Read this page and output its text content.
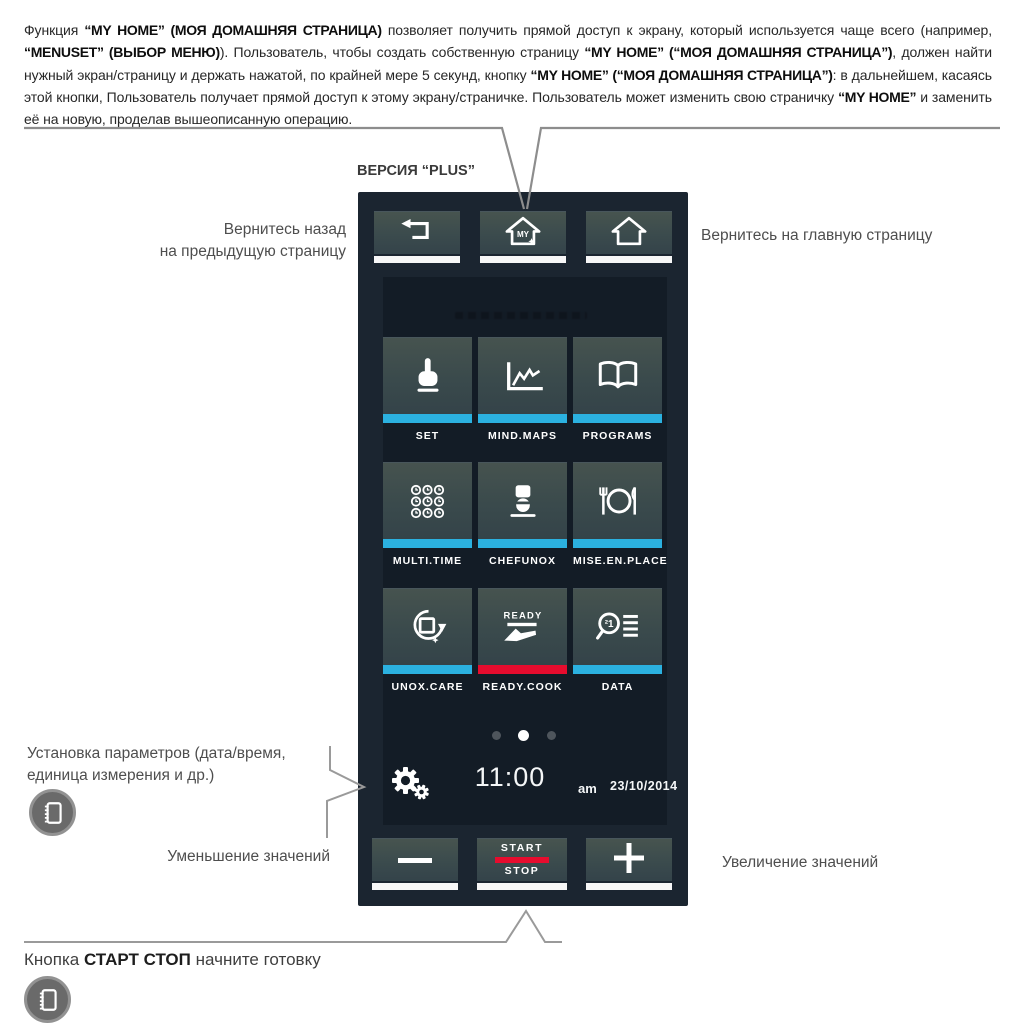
Функция “MY HOME” (МОЯ ДОМАШНЯЯ СТРАНИЦА) позволяет получить прямой доступ к экрану, который используется чаще всего (например, “MENUSET” (ВЫБОР МЕНЮ)). Пользователь, чтобы создать собственную страницу “MY HOME” (“МОЯ ДОМАШНЯЯ СТРАНИЦА”), должен найти нужный экран/страницу и держать нажатой, по крайней мере 5 секунд, кнопку “MY HOME” (“МОЯ ДОМАШНЯЯ СТРАНИЦА”): в дальнейшем, касаясь этой кнопки, Пользователь получает прямой доступ к этому экрану/страничке. Пользователь может изменить свою страничку “MY HOME” и заменить её на новую, проделав вышеописанную операцию.

ВЕРСИЯ “PLUS”
MY
SET	MIND.MAPS	PROGRAMS
MULTI.TIME	CHEFUNOX	MISE.EN.PLACE
UNOX.CARE
READY
READY.COOK
²1
DATA
11:00	am 23/10/2014
START
STOP
Вернитесь назад
на предыдущую страницу
Вернитесь на главную страницу
Установка параметров (дата/время,
единица измерения и др.)
Уменьшение значений	Увеличение значений
Кнопка СТАРТ СТОП начните готовку
